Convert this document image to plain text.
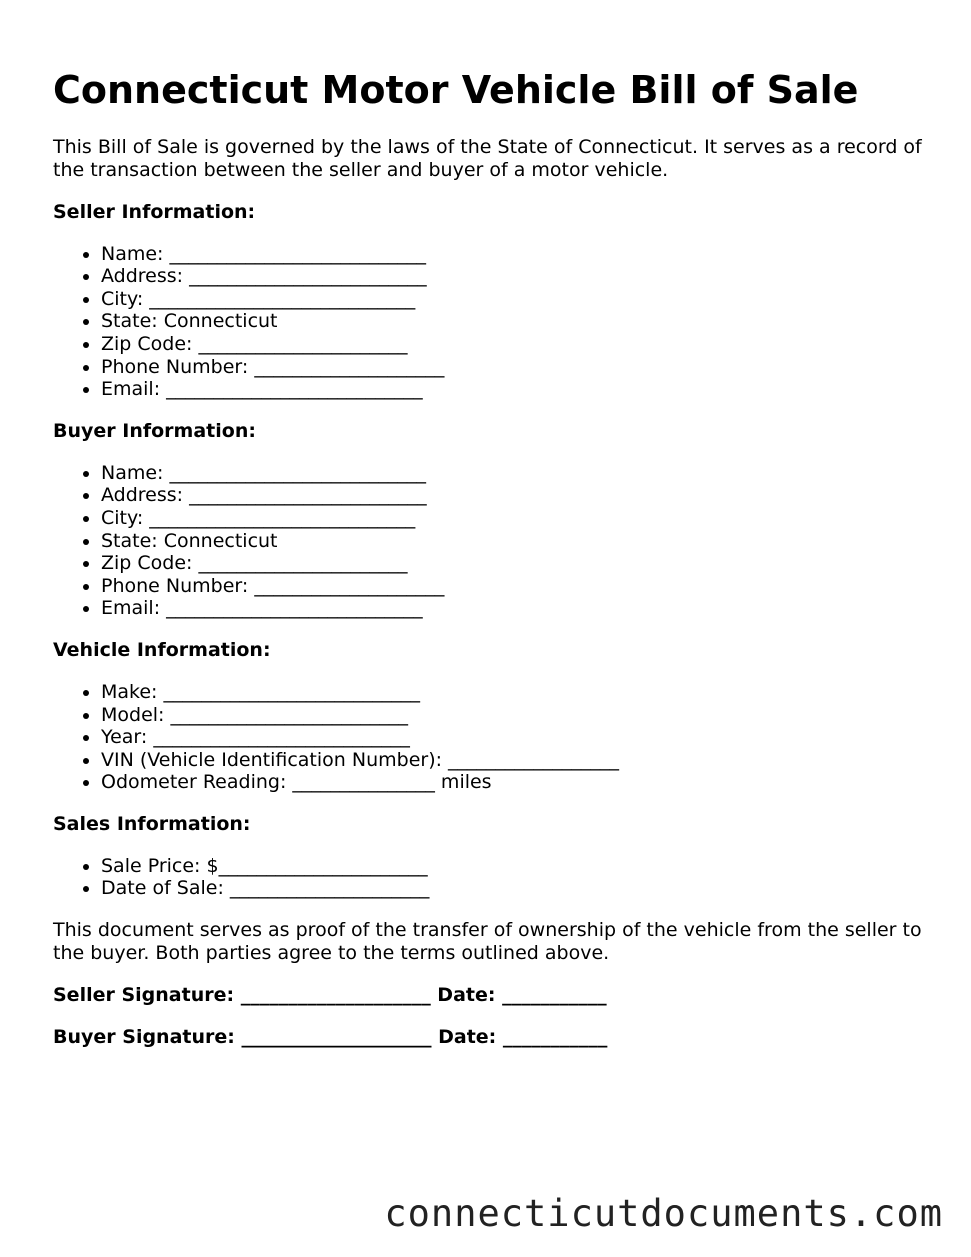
Connecticut Motor Vehicle Bill of Sale

This Bill of Sale is governed by the laws of the State of Connecticut. It serves as a record of the transaction between the seller and buyer of a motor vehicle.

Seller Information:
• Name: ___________________________
• Address: _________________________
• City: ____________________________
• State: Connecticut
• Zip Code: ______________________
• Phone Number: ____________________
• Email: ___________________________
Buyer Information:
• Name: ___________________________
• Address: _________________________
• City: ____________________________
• State: Connecticut
• Zip Code: ______________________
• Phone Number: ____________________
• Email: ___________________________
Vehicle Information:
• Make: ___________________________
• Model: _________________________
• Year: ___________________________
• VIN (Vehicle Identification Number): __________________
• Odometer Reading: _______________ miles
Sales Information:
• Sale Price: $______________________
• Date of Sale: _____________________

This document serves as proof of the transfer of ownership of the vehicle from the seller to the buyer. Both parties agree to the terms outlined above.

Seller Signature: ____________________ Date: ___________
Buyer Signature: ____________________ Date: ___________
connecticutdocuments.com
